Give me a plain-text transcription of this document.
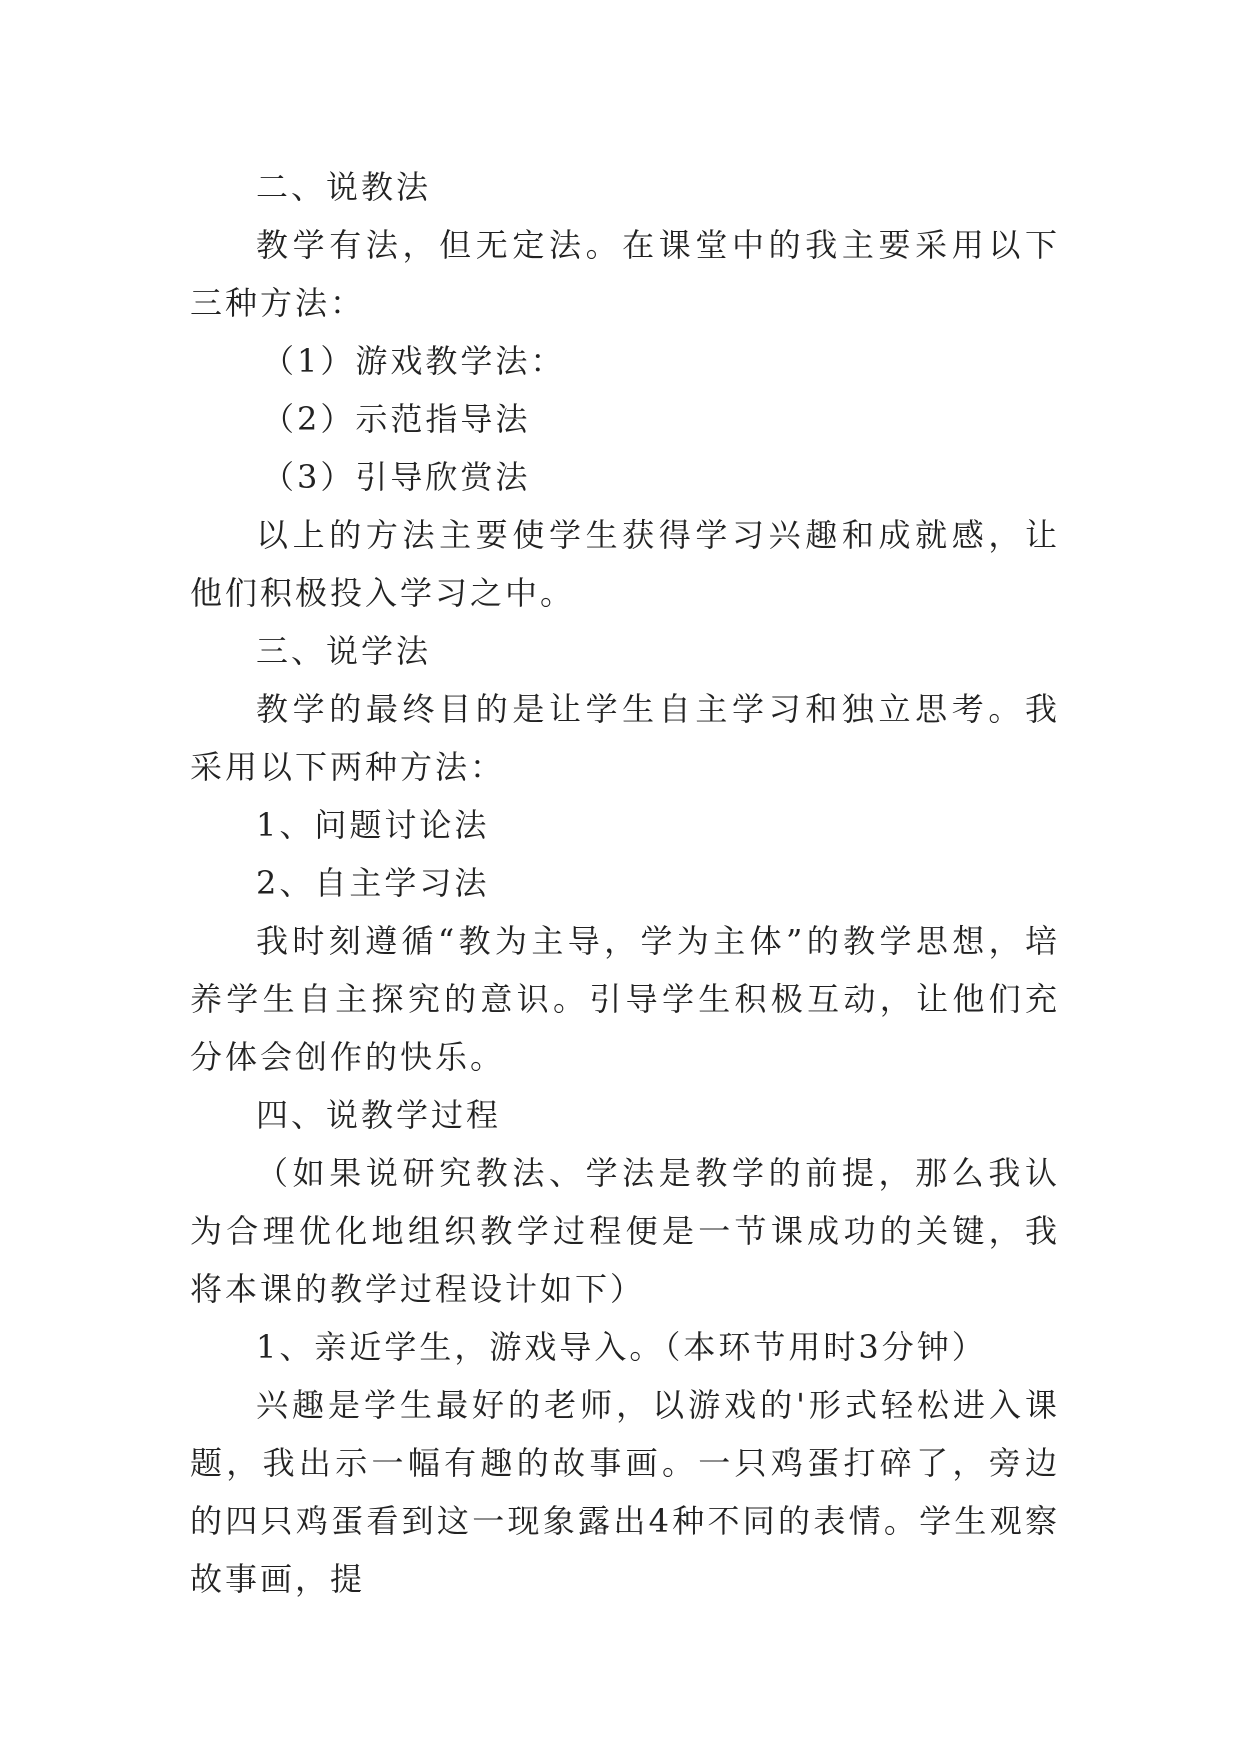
二、说教法

教学有法，但无定法。在课堂中的我主要采用以下三种方法：

（1）游戏教学法：

（2）示范指导法

（3）引导欣赏法

以上的方法主要使学生获得学习兴趣和成就感，让他们积极投入学习之中。

三、说学法

教学的最终目的是让学生自主学习和独立思考。我采用以下两种方法：

1、问题讨论法

2、自主学习法

我时刻遵循“教为主导，学为主体”的教学思想，培养学生自主探究的意识。引导学生积极互动，让他们充分体会创作的快乐。

四、说教学过程

（如果说研究教法、学法是教学的前提，那么我认为合理优化地组织教学过程便是一节课成功的关键，我将本课的教学过程设计如下）

1、亲近学生，游戏导入。（本环节用时3分钟）

兴趣是学生最好的老师，以游戏的'形式轻松进入课题，我出示一幅有趣的故事画。一只鸡蛋打碎了，旁边的四只鸡蛋看到这一现象露出4种不同的表情。学生观察故事画，提
